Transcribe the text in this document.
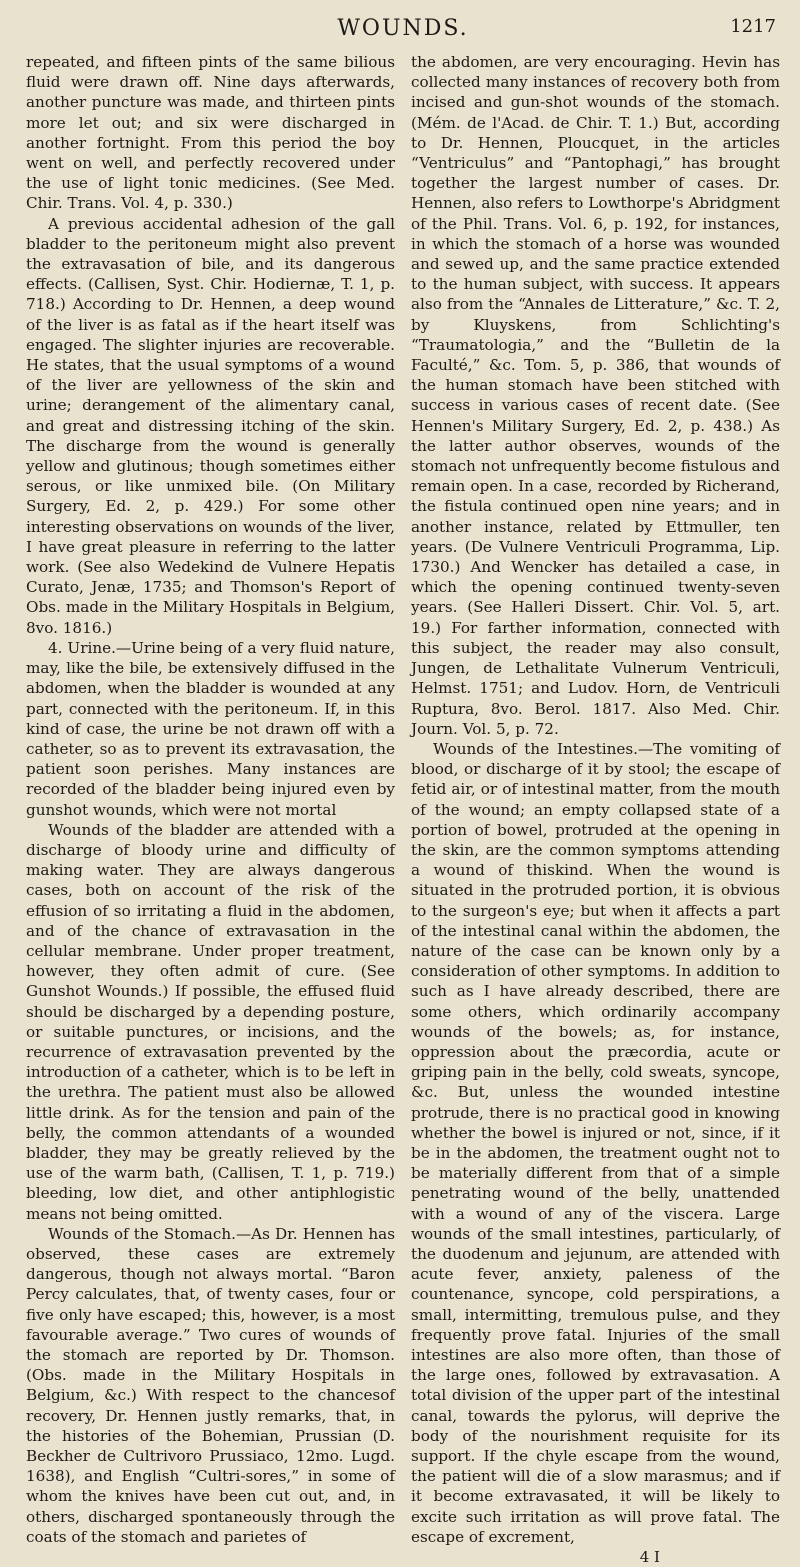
WOUNDS.	1217

repeated, and fifteen pints of the same bilious fluid were drawn off. Nine days afterwards, another puncture was made, and thirteen pints more let out; and six were discharged in another fortnight. From this period the boy went on well, and perfectly recovered under the use of light tonic medicines. (See Med. Chir. Trans. Vol. 4, p. 330.)

A previous accidental adhesion of the gall bladder to the peritoneum might also prevent the extravasation of bile, and its dangerous effects. (Callisen, Syst. Chir. Hodiernæ, T. 1, p. 718.) According to Dr. Hennen, a deep wound of the liver is as fatal as if the heart itself was engaged. The slighter injuries are recoverable. He states, that the usual symptoms of a wound of the liver are yellowness of the skin and urine; derangement of the alimentary canal, and great and distressing itching of the skin. The discharge from the wound is generally yellow and glutinous; though sometimes either serous, or like unmixed bile. (On Military Surgery, Ed. 2, p. 429.) For some other interesting observations on wounds of the liver, I have great pleasure in referring to the latter work. (See also Wedekind de Vulnere Hepatis Curato, Jenæ, 1735; and Thomson's Report of Obs. made in the Military Hospitals in Belgium, 8vo. 1816.)

4. Urine.—Urine being of a very fluid nature, may, like the bile, be extensively diffused in the abdomen, when the bladder is wounded at any part, connected with the peritoneum. If, in this kind of case, the urine be not drawn off with a catheter, so as to prevent its extravasation, the patient soon perishes. Many instances are recorded of the bladder being injured even by gunshot wounds, which were not mortal

Wounds of the bladder are attended with a discharge of bloody urine and difficulty of making water. They are always dangerous cases, both on account of the risk of the effusion of so irritating a fluid in the abdomen, and of the chance of extravasation in the cellular membrane. Under proper treatment, however, they often admit of cure. (See Gunshot Wounds.) If possible, the effused fluid should be discharged by a depending posture, or suitable punctures, or incisions, and the recurrence of extravasation prevented by the introduction of a catheter, which is to be left in the urethra. The patient must also be allowed little drink. As for the tension and pain of the belly, the common attendants of a wounded bladder, they may be greatly relieved by the use of the warm bath, (Callisen, T. 1, p. 719.) bleeding, low diet, and other antiphlogistic means not being omitted.

Wounds of the Stomach.—As Dr. Hennen has observed, these cases are extremely dangerous, though not always mortal. “Baron Percy calculates, that, of twenty cases, four or five only have escaped; this, however, is a most favourable average.” Two cures of wounds of the stomach are reported by Dr. Thomson. (Obs. made in the Military Hospitals in Belgium, &c.) With respect to the chancesof recovery, Dr. Hennen justly remarks, that, in the histories of the Bohemian, Prussian (D. Beckher de Cultrivoro Prussiaco, 12mo. Lugd. 1638), and English “Cultri-sores,” in some of whom the knives have been cut out, and, in others, discharged spontaneously through the coats of the stomach and parietes of

the abdomen, are very encouraging. Hevin has collected many instances of recovery both from incised and gun-shot wounds of the stomach. (Mém. de l'Acad. de Chir. T. 1.) But, according to Dr. Hennen, Ploucquet, in the articles “Ventriculus” and “Pantophagi,” has brought together the largest number of cases. Dr. Hennen, also refers to Lowthorpe's Abridgment of the Phil. Trans. Vol. 6, p. 192, for instances, in which the stomach of a horse was wounded and sewed up, and the same practice extended to the human subject, with success. It appears also from the “Annales de Litterature,” &c. T. 2, by Kluyskens, from Schlichting's “Traumatologia,” and the “Bulletin de la Faculté,” &c. Tom. 5, p. 386, that wounds of the human stomach have been stitched with success in various cases of recent date. (See Hennen's Military Surgery, Ed. 2, p. 438.) As the latter author observes, wounds of the stomach not unfrequently become fistulous and remain open. In a case, recorded by Richerand, the fistula continued open nine years; and in another instance, related by Ettmuller, ten years. (De Vulnere Ventriculi Programma, Lip. 1730.) And Wencker has detailed a case, in which the opening continued twenty-seven years. (See Halleri Dissert. Chir. Vol. 5, art. 19.) For farther information, connected with this subject, the reader may also consult, Jungen, de Lethalitate Vulnerum Ventriculi, Helmst. 1751; and Ludov. Horn, de Ventriculi Ruptura, 8vo. Berol. 1817. Also Med. Chir. Journ. Vol. 5, p. 72.

Wounds of the Intestines.—The vomiting of blood, or discharge of it by stool; the escape of fetid air, or of intestinal matter, from the mouth of the wound; an empty collapsed state of a portion of bowel, protruded at the opening in the skin, are the common symptoms attending a wound of thiskind. When the wound is situated in the protruded portion, it is obvious to the surgeon's eye; but when it affects a part of the intestinal canal within the abdomen, the nature of the case can be known only by a consideration of other symptoms. In addition to such as I have already described, there are some others, which ordinarily accompany wounds of the bowels; as, for instance, oppression about the præcordia, acute or griping pain in the belly, cold sweats, syncope, &c. But, unless the wounded intestine protrude, there is no practical good in knowing whether the bowel is injured or not, since, if it be in the abdomen, the treatment ought not to be materially different from that of a simple penetrating wound of the belly, unattended with a wound of any of the viscera. Large wounds of the small intestines, particularly, of the duodenum and jejunum, are attended with acute fever, anxiety, paleness of the countenance, syncope, cold perspirations, a small, intermitting, tremulous pulse, and they frequently prove fatal. Injuries of the small intestines are also more often, than those of the large ones, followed by extravasation. A total division of the upper part of the intestinal canal, towards the pylorus, will deprive the body of the nourishment requisite for its support. If the chyle escape from the wound, the patient will die of a slow marasmus; and if it become extravasated, it will be likely to excite such irritation as will prove fatal. The escape of excrement,

4 I
